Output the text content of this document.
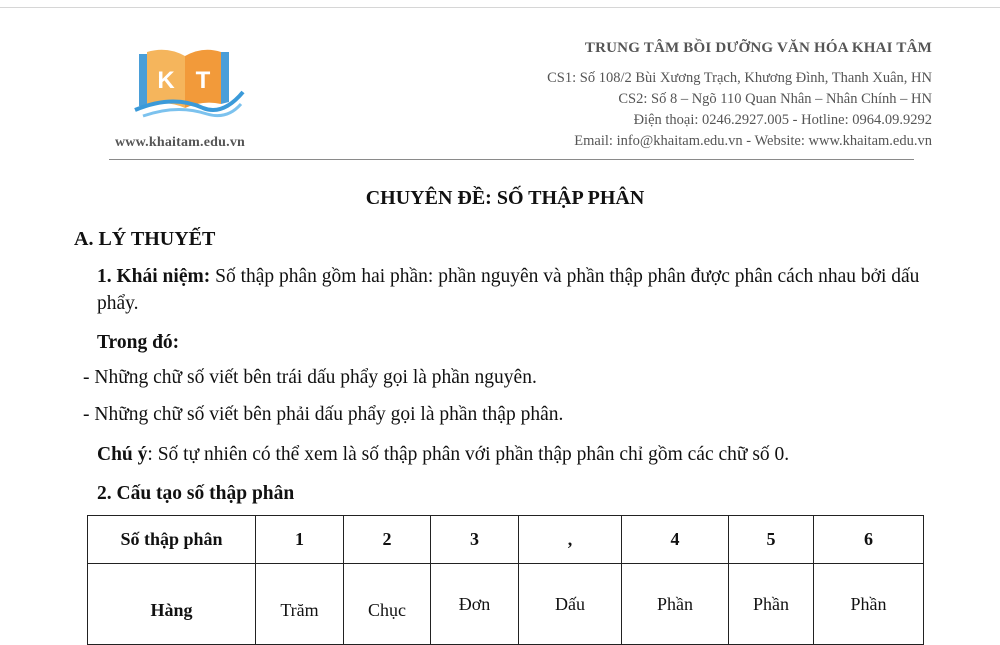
K T
www.khaitam.edu.vn
TRUNG TÂM BỒI DƯỠNG VĂN HÓA KHAI TÂM
CS1: Số 108/2 Bùi Xương Trạch, Khương Đình, Thanh Xuân, HN
CS2: Số 8 – Ngõ 110 Quan Nhân – Nhân Chính – HN
Điện thoại: 0246.2927.005 - Hotline: 0964.09.9292
Email: info@khaitam.edu.vn - Website: www.khaitam.edu.vn
CHUYÊN ĐỀ: SỐ THẬP PHÂN
A. LÝ THUYẾT
1. Khái niệm: Số thập phân gồm hai phần: phần nguyên và phần thập phân được phân cách nhau bởi dấu phẩy.
Trong đó:
- Những chữ số viết bên trái dấu phẩy gọi là phần nguyên.
- Những chữ số viết bên phải dấu phẩy gọi là phần thập phân.
Chú ý: Số tự nhiên có thể xem là số thập phân với phần thập phân chỉ gồm các chữ số 0.
2. Cấu tạo số thập phân
Số thập phân	1	2	3	,	4	5	6

Hàng	Trăm	Chục	Đơn	Dấu	Phần	Phần	Phần
